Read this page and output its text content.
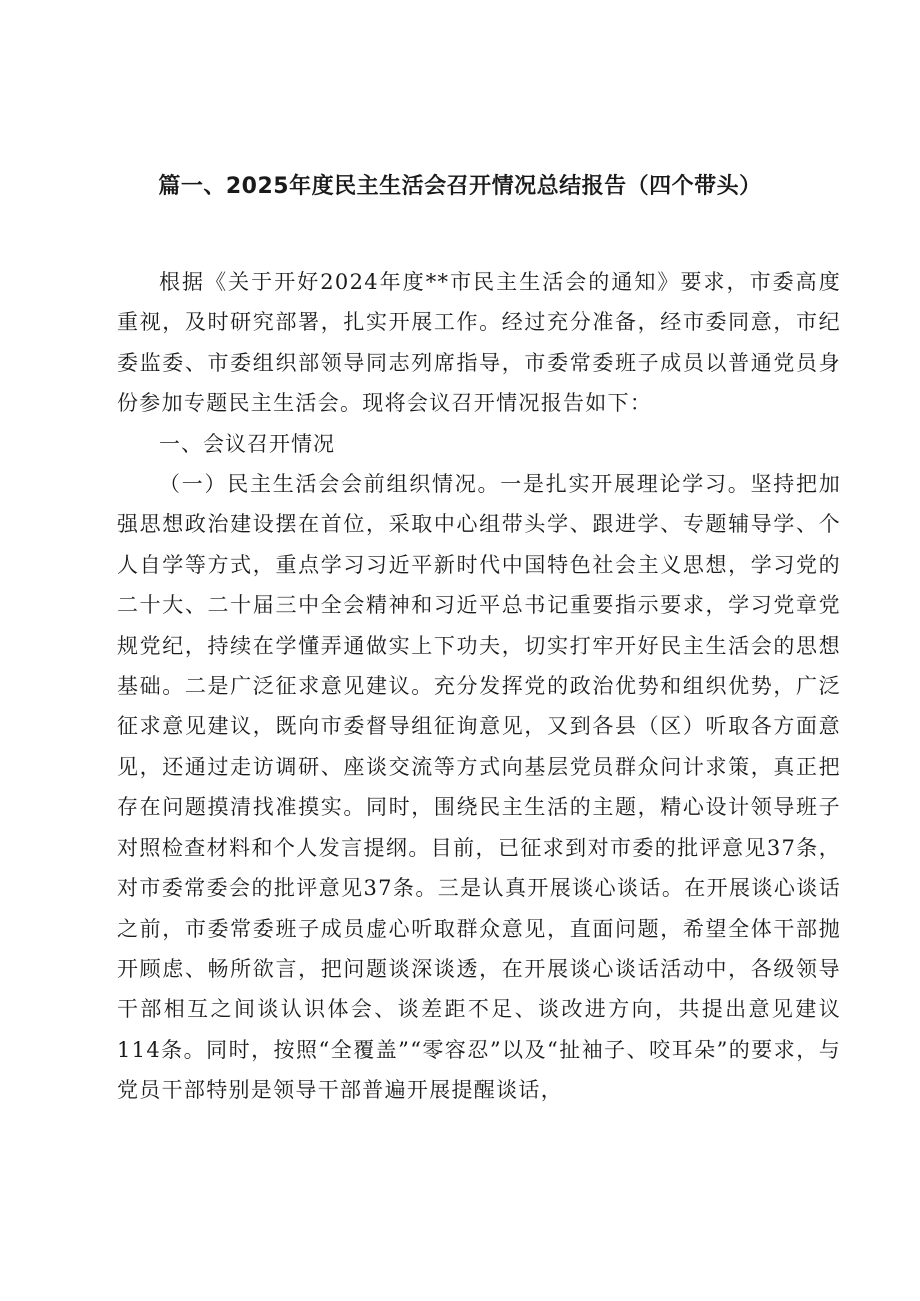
篇一、2025年度民主生活会召开情况总结报告（四个带头）

根据《关于开好2024年度**市民主生活会的通知》要求，市委高度重视，及时研究部署，扎实开展工作。经过充分准备，经市委同意，市纪委监委、市委组织部领导同志列席指导，市委常委班子成员以普通党员身份参加专题民主生活会。现将会议召开情况报告如下：

一、会议召开情况

（一）民主生活会会前组织情况。一是扎实开展理论学习。坚持把加强思想政治建设摆在首位，采取中心组带头学、跟进学、专题辅导学、个人自学等方式，重点学习习近平新时代中国特色社会主义思想，学习党的二十大、二十届三中全会精神和习近平总书记重要指示要求，学习党章党规党纪，持续在学懂弄通做实上下功夫，切实打牢开好民主生活会的思想基础。二是广泛征求意见建议。充分发挥党的政治优势和组织优势，广泛征求意见建议，既向市委督导组征询意见，又到各县（区）听取各方面意见，还通过走访调研、座谈交流等方式向基层党员群众问计求策，真正把存在问题摸清找准摸实。同时，围绕民主生活的主题，精心设计领导班子对照检查材料和个人发言提纲。目前，已征求到对市委的批评意见37条，对市委常委会的批评意见37条。三是认真开展谈心谈话。在开展谈心谈话之前，市委常委班子成员虚心听取群众意见，直面问题，希望全体干部抛开顾虑、畅所欲言，把问题谈深谈透，在开展谈心谈话活动中，各级领导干部相互之间谈认识体会、谈差距不足、谈改进方向，共提出意见建议114条。同时，按照“全覆盖”“零容忍”以及“扯袖子、咬耳朵”的要求，与党员干部特别是领导干部普遍开展提醒谈话，
